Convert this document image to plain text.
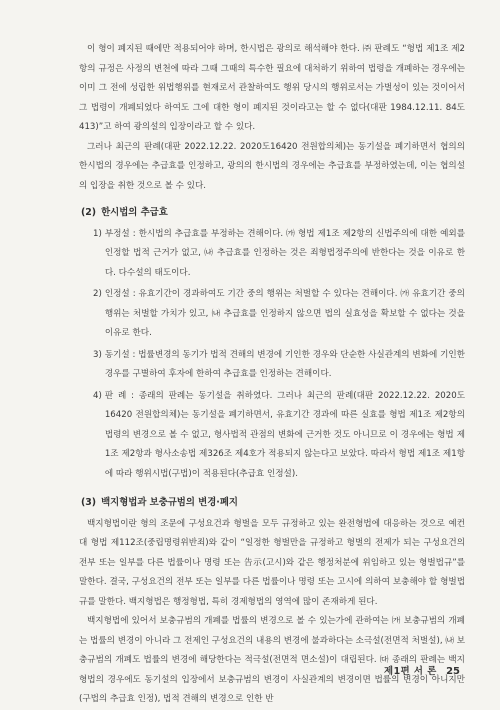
이 형이 폐지된 때에만 적용되어야 하며, 한시법은 광의로 해석해야 한다. ㈜ 판례도 “형법 제1조 제2항의 규정은 사정의 변천에 따라 그때 그때의 특수한 필요에 대처하기 위하여 법령을 개폐하는 경우에는 이미 그 전에 성립한 위법행위를 현재로서 관찰하여도 행위 당시의 행위로서는 가벌성이 있는 것이어서 그 법령이 개폐되었다 하여도 그에 대한 형이 폐지된 것이라고는 할 수 없다(대판 1984.12.11. 84도413)”고 하여 광의설의 입장이라고 할 수 있다.

그러나 최근의 판례(대판 2022.12.22. 2020도16420 전원합의체)는 동기설을 폐기하면서 협의의 한시법의 경우에는 추급효를 인정하고, 광의의 한시법의 경우에는 추급효를 부정하였는데, 이는 협의설의 입장을 취한 것으로 볼 수 있다.

(2) 한시법의 추급효
1) 부정설 : 한시법의 추급효를 부정하는 견해이다. ㈎ 형법 제1조 제2항의 신법주의에 대한 예외를 인정할 법적 근거가 없고, ㈏ 추급효를 인정하는 것은 죄형법정주의에 반한다는 것을 이유로 한다. 다수설의 태도이다.
2) 인정설 : 유효기간이 경과하여도 기간 중의 행위는 처벌할 수 있다는 견해이다. ㈎ 유효기간 중의 행위는 처벌할 가치가 있고, ㈏ 추급효를 인정하지 않으면 법의 실효성을 확보할 수 없다는 것을 이유로 한다.
3) 동기설 : 법률변경의 동기가 법적 견해의 변경에 기인한 경우와 단순한 사실관계의 변화에 기인한 경우를 구별하여 후자에 한하여 추급효를 인정하는 견해이다.
4) 판 례 : 종래의 판례는 동기설을 취하였다. 그러나 최근의 판례(대판 2022.12.22. 2020도16420 전원합의체)는 동기설을 폐기하면서, 유효기간 경과에 따른 실효를 형법 제1조 제2항의 법령의 변경으로 볼 수 없고, 형사법적 관점의 변화에 근거한 것도 아니므로 이 경우에는 형법 제1조 제2항과 형사소송법 제326조 제4호가 적용되지 않는다고 보았다. 따라서 형법 제1조 제1항에 따라 행위시법(구법)이 적용된다(추급효 인정설).
(3) 백지형법과 보충규범의 변경·폐지

백지형법이란 형의 조문에 구성요건과 형벌을 모두 규정하고 있는 완전형법에 대응하는 것으로 예컨대 형법 제112조(중립명령위반죄)와 같이 “일정한 형벌만을 규정하고 형벌의 전제가 되는 구성요건의 전부 또는 일부를 다른 법률이나 명령 또는 告示(고시)와 같은 행정처분에 위임하고 있는 형벌법규”를 말한다. 결국, 구성요건의 전부 또는 일부를 다른 법률이나 명령 또는 고시에 의하여 보충해야 할 형벌법규를 말한다. 백지형법은 행정형법, 특히 경제형법의 영역에 많이 존재하게 된다.

백지형법에 있어서 보충규범의 개폐를 법률의 변경으로 볼 수 있는가에 관하여는 ㈎ 보충규범의 개폐는 법률의 변경이 아니라 그 전제인 구성요건의 내용의 변경에 불과하다는 소극설(전면적 처벌설), ㈏ 보충규범의 개폐도 법률의 변경에 해당한다는 적극설(전면적 면소설)이 대립된다. ㈐ 종래의 판례는 백지형법의 경우에도 동기설의 입장에서 보충규범의 변경이 사실관계의 변경이면 법률의 변경이 아니지만(구법의 추급효 인정), 법적 견해의 변경으로 인한 반

제1편 서 론 25
